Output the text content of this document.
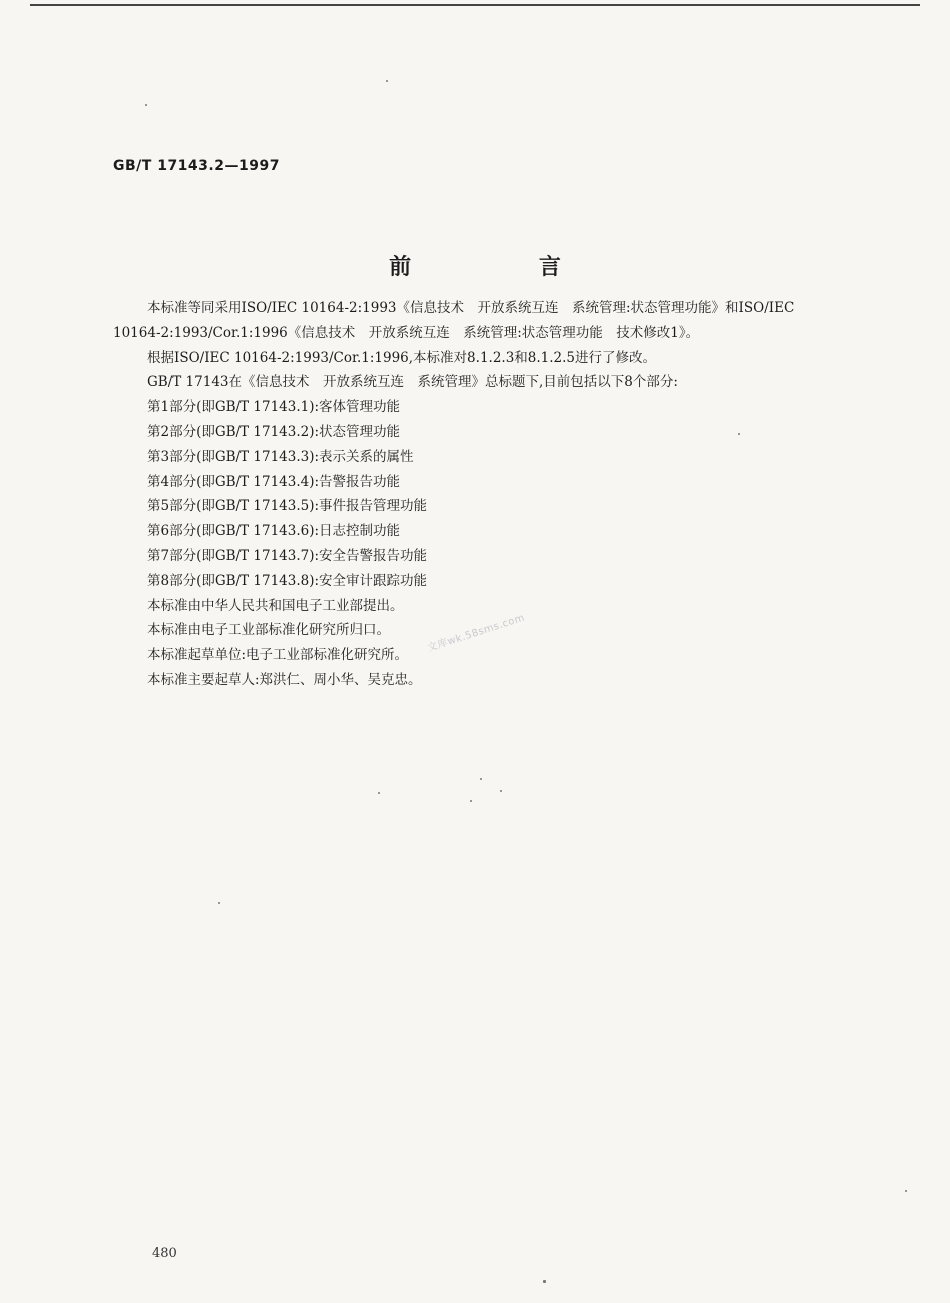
GB/T 17143.2—1997
前 言

本标准等同采用ISO/IEC 10164-2:1993《信息技术　开放系统互连　系统管理:状态管理功能》和ISO/IEC 10164-2:1993/Cor.1:1996《信息技术　开放系统互连　系统管理:状态管理功能　技术修改1》。

根据ISO/IEC 10164-2:1993/Cor.1:1996,本标准对8.1.2.3和8.1.2.5进行了修改。

GB/T 17143在《信息技术　开放系统互连　系统管理》总标题下,目前包括以下8个部分:

第1部分(即GB/T 17143.1):客体管理功能

第2部分(即GB/T 17143.2):状态管理功能

第3部分(即GB/T 17143.3):表示关系的属性

第4部分(即GB/T 17143.4):告警报告功能

第5部分(即GB/T 17143.5):事件报告管理功能

第6部分(即GB/T 17143.6):日志控制功能

第7部分(即GB/T 17143.7):安全告警报告功能

第8部分(即GB/T 17143.8):安全审计跟踪功能

本标准由中华人民共和国电子工业部提出。

本标准由电子工业部标准化研究所归口。

本标准起草单位:电子工业部标准化研究所。

本标准主要起草人:郑洪仁、周小华、吴克忠。

文库wk.58sms.com
480
